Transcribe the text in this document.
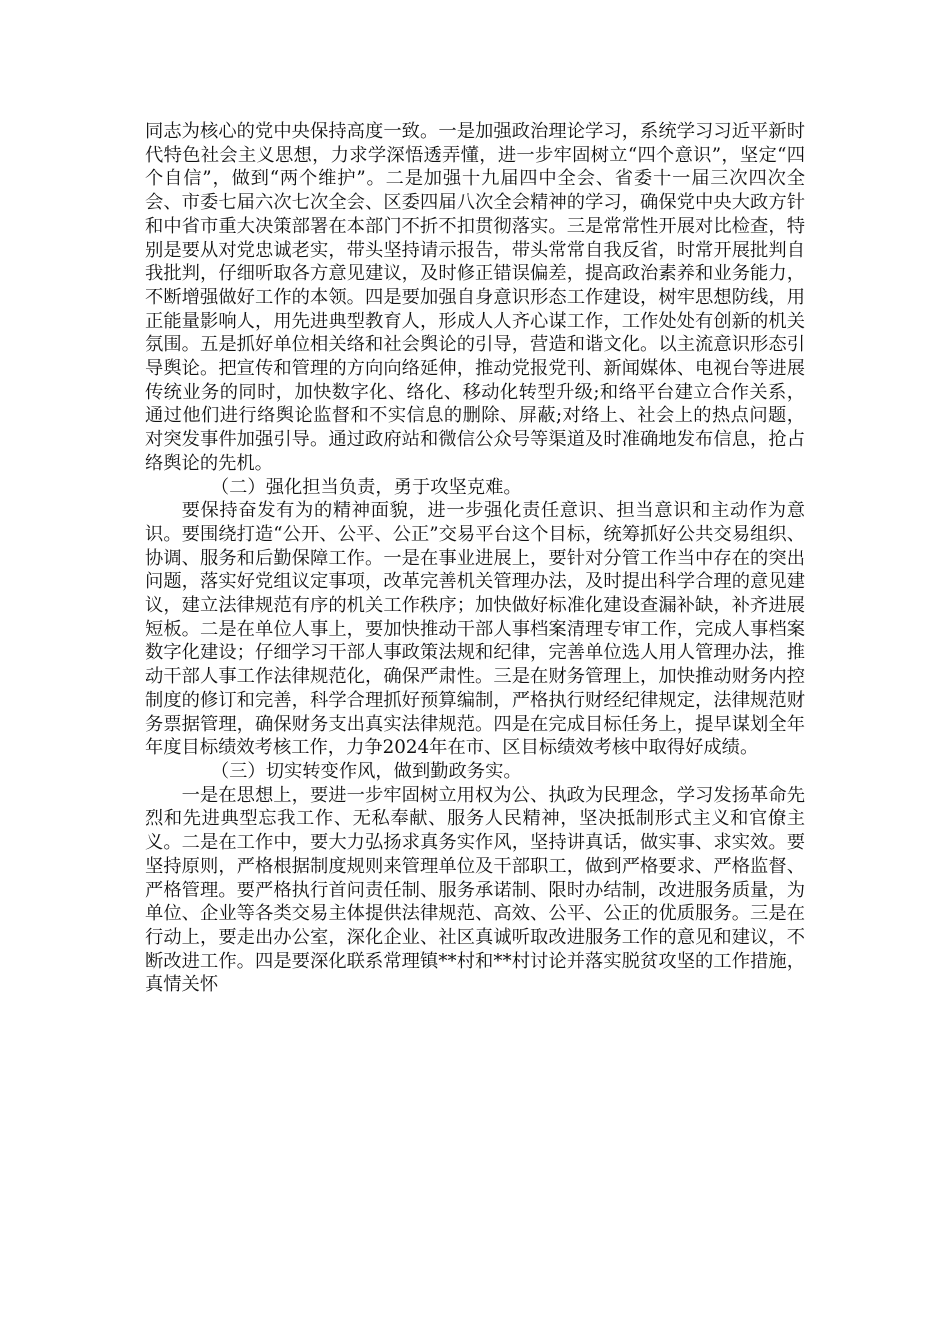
同志为核心的党中央保持高度一致。一是加强政治理论学习，系统学习习近平新时代特色社会主义思想，力求学深悟透弄懂，进一步牢固树立“四个意识”，坚定“四个自信”，做到“两个维护”。二是加强十九届四中全会、省委十一届三次四次全会、市委七届六次七次全会、区委四届八次全会精神的学习，确保党中央大政方针和中省市重大决策部署在本部门不折不扣贯彻落实。三是常常性开展对比检查，特别是要从对党忠诚老实，带头坚持请示报告，带头常常自我反省，时常开展批判自我批判，仔细听取各方意见建议，及时修正错误偏差，提高政治素养和业务能力，不断增强做好工作的本领。四是要加强自身意识形态工作建设，树牢思想防线，用正能量影响人，用先进典型教育人，形成人人齐心谋工作，工作处处有创新的机关氛围。五是抓好单位相关络和社会舆论的引导，营造和谐文化。以主流意识形态引导舆论。把宣传和管理的方向向络延伸，推动党报党刊、新闻媒体、电视台等进展传统业务的同时，加快数字化、络化、移动化转型升级;和络平台建立合作关系，通过他们进行络舆论监督和不实信息的删除、屏蔽;对络上、社会上的热点问题，对突发事件加强引导。通过政府站和微信公众号等渠道及时准确地发布信息，抢占络舆论的先机。

（二）强化担当负责，勇于攻坚克难。

要保持奋发有为的精神面貌，进一步强化责任意识、担当意识和主动作为意识。要围绕打造“公开、公平、公正”交易平台这个目标，统筹抓好公共交易组织、协调、服务和后勤保障工作。一是在事业进展上，要针对分管工作当中存在的突出问题，落实好党组议定事项，改革完善机关管理办法，及时提出科学合理的意见建议，建立法律规范有序的机关工作秩序；加快做好标准化建设查漏补缺，补齐进展短板。二是在单位人事上，要加快推动干部人事档案清理专审工作，完成人事档案数字化建设；仔细学习干部人事政策法规和纪律，完善单位选人用人管理办法，推动干部人事工作法律规范化，确保严肃性。三是在财务管理上，加快推动财务内控制度的修订和完善，科学合理抓好预算编制，严格执行财经纪律规定，法律规范财务票据管理，确保财务支出真实法律规范。四是在完成目标任务上，提早谋划全年年度目标绩效考核工作，力争2024年在市、区目标绩效考核中取得好成绩。

（三）切实转变作风，做到勤政务实。

一是在思想上，要进一步牢固树立用权为公、执政为民理念，学习发扬革命先烈和先进典型忘我工作、无私奉献、服务人民精神，坚决抵制形式主义和官僚主义。二是在工作中，要大力弘扬求真务实作风，坚持讲真话，做实事、求实效。要坚持原则，严格根据制度规则来管理单位及干部职工，做到严格要求、严格监督、严格管理。要严格执行首问责任制、服务承诺制、限时办结制，改进服务质量，为单位、企业等各类交易主体提供法律规范、高效、公平、公正的优质服务。三是在行动上，要走出办公室，深化企业、社区真诚听取改进服务工作的意见和建议，不断改进工作。四是要深化联系常理镇**村和**村讨论并落实脱贫攻坚的工作措施，真情关怀
